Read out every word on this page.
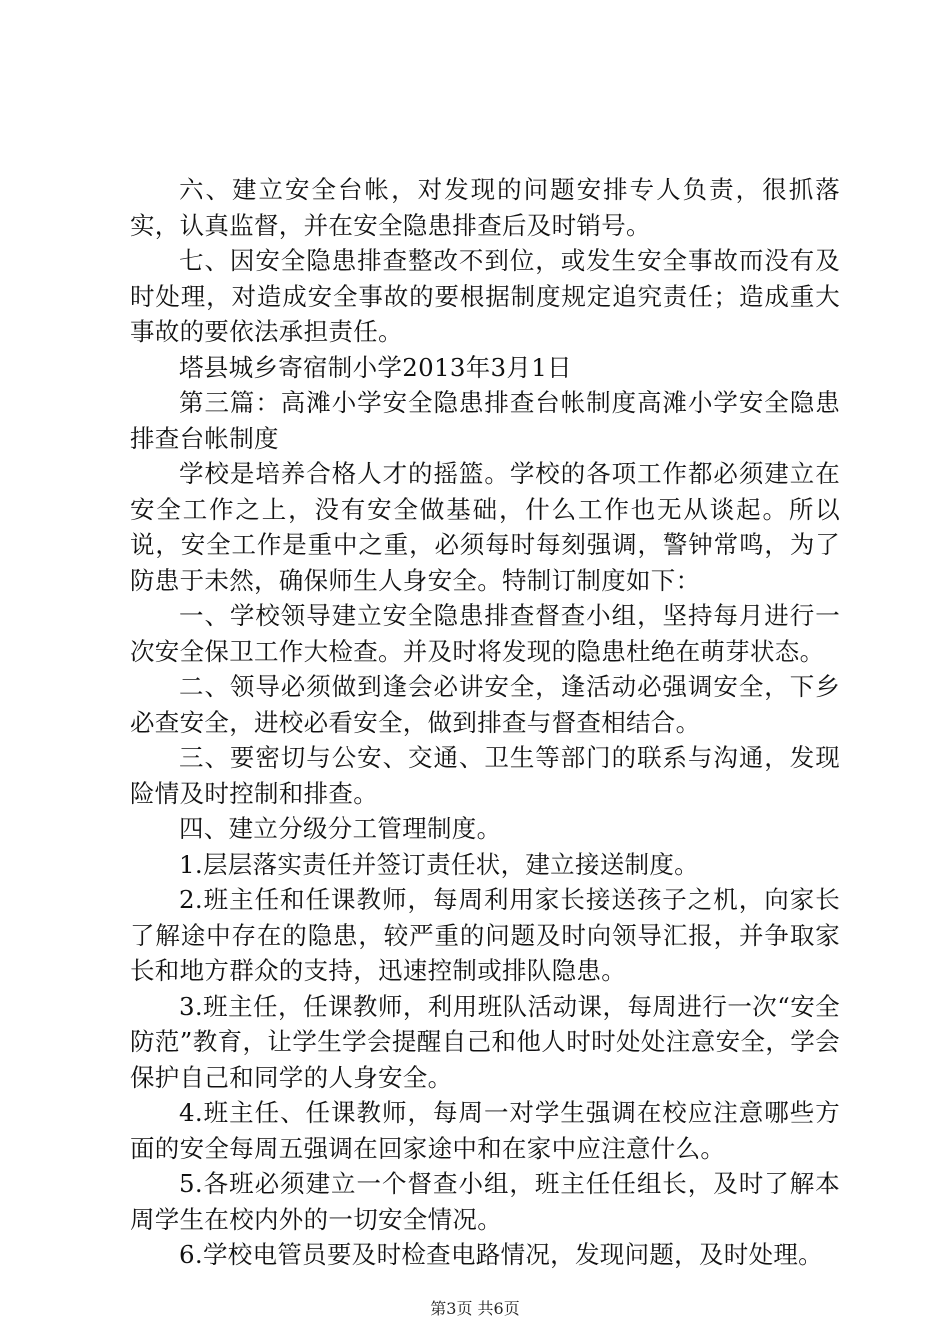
六、建立安全台帐，对发现的问题安排专人负责，很抓落实，认真监督，并在安全隐患排查后及时销号。

七、因安全隐患排查整改不到位，或发生安全事故而没有及时处理，对造成安全事故的要根据制度规定追究责任；造成重大事故的要依法承担责任。

塔县城乡寄宿制小学2013年3月1日

第三篇：高滩小学安全隐患排查台帐制度高滩小学安全隐患排查台帐制度

学校是培养合格人才的摇篮。学校的各项工作都必须建立在安全工作之上，没有安全做基础，什么工作也无从谈起。所以说，安全工作是重中之重，必须每时每刻强调，警钟常鸣，为了防患于未然，确保师生人身安全。特制订制度如下：

一、学校领导建立安全隐患排查督查小组，坚持每月进行一次安全保卫工作大检查。并及时将发现的隐患杜绝在萌芽状态。

二、领导必须做到逢会必讲安全，逢活动必强调安全，下乡必查安全，进校必看安全，做到排查与督查相结合。

三、要密切与公安、交通、卫生等部门的联系与沟通，发现险情及时控制和排查。

四、建立分级分工管理制度。

1.层层落实责任并签订责任状，建立接送制度。

2.班主任和任课教师，每周利用家长接送孩子之机，向家长了解途中存在的隐患，较严重的问题及时向领导汇报，并争取家长和地方群众的支持，迅速控制或排队隐患。

3.班主任，任课教师，利用班队活动课，每周进行一次“安全防范”教育，让学生学会提醒自己和他人时时处处注意安全，学会保护自己和同学的人身安全。

4.班主任、任课教师，每周一对学生强调在校应注意哪些方面的安全每周五强调在回家途中和在家中应注意什么。

5.各班必须建立一个督查小组，班主任任组长，及时了解本周学生在校内外的一切安全情况。

6.学校电管员要及时检查电路情况，发现问题，及时处理。

第3页 共6页
